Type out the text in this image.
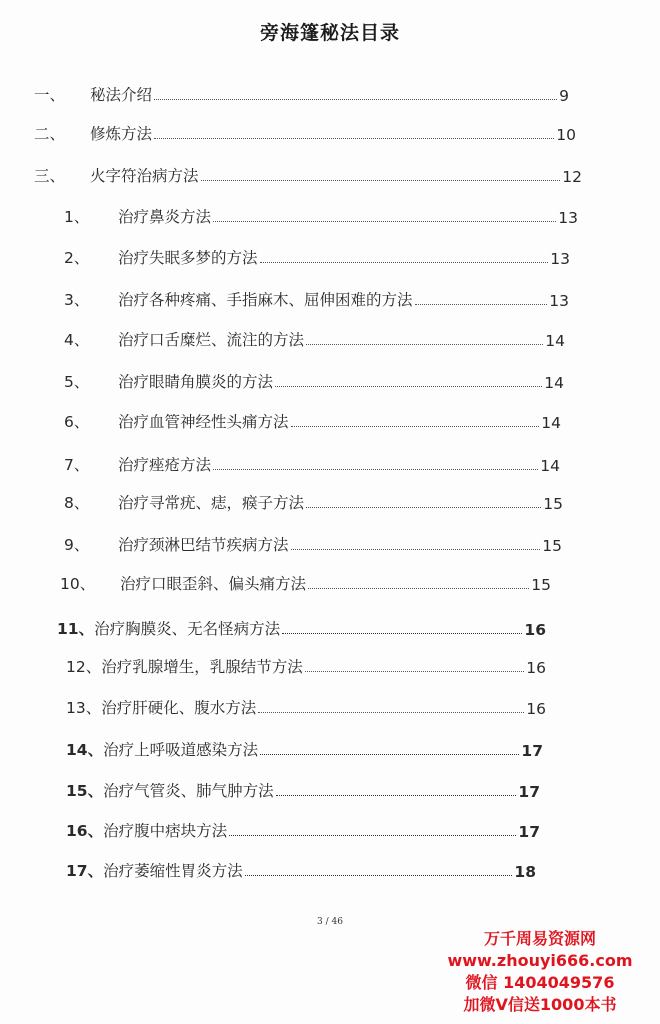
旁海篷秘法目录
一、	秘法介绍	9
二、	修炼方法	10
三、	火字符治病方法	12
1、	治疗鼻炎方法	13
2、	治疗失眠多梦的方法	13
3、	治疗各种疼痛、手指麻木、屈伸困难的方法	13
4、	治疗口舌糜烂、流注的方法	14
5、	治疗眼睛角膜炎的方法	14
6、	治疗血管神经性头痛方法	14
7、	治疗痤疮方法	14
8、	治疗寻常疣、痣，瘊子方法	15
9、	治疗颈淋巴结节疾病方法	15
10、	治疗口眼歪斜、偏头痛方法	15
11、 治疗胸膜炎、无名怪病方法	16
12、 治疗乳腺增生，乳腺结节方法	16
13、 治疗肝硬化、腹水方法	16
14、 治疗上呼吸道感染方法	17
15、 治疗气管炎、肺气肿方法	17
16、 治疗腹中痞块方法	17
17、 治疗萎缩性胃炎方法	18
3 / 46
万千周易资源网
www.zhouyi666.com
微信 1404049576
加微V信送1000本书
